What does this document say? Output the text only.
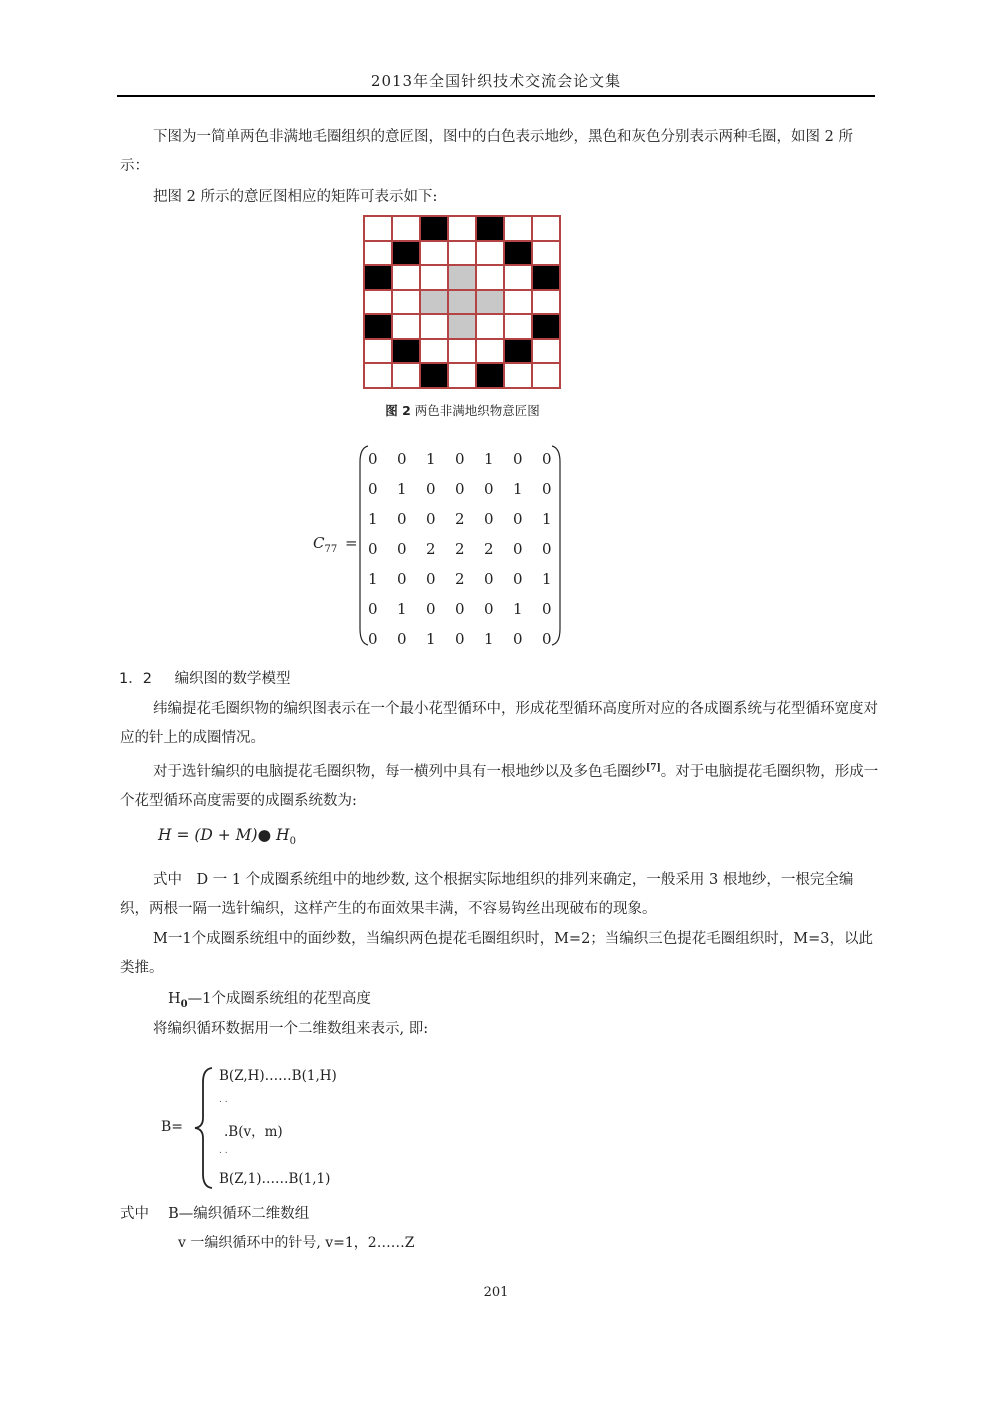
2013年全国针织技术交流会论文集
下图为一简单两色非满地毛圈组织的意匠图，图中的白色表示地纱，黑色和灰色分别表示两种毛圈，如图 2 所示：
把图 2 所示的意匠图相应的矩阵可表示如下:
图 2 两色非满地织物意匠图
$C_{77}$ =
0	0	1	0	1	0	0
0	1	0	0	0	1	0
1	0	0	2	0	0	1
0	0	2	2	2	0	0
1	0	0	2	0	0	1
0	1	0	0	0	1	0
0	0	1	0	1	0	0
1．2 编织图的数学模型
纬编提花毛圈织物的编织图表示在一个最小花型循环中，形成花型循环高度所对应的各成圈系统与花型循环宽度对应的针上的成圈情况。
对于选针编织的电脑提花毛圈织物，每一横列中具有一根地纱以及多色毛圈纱[7]。对于电脑提花毛圈织物，形成一个花型循环高度需要的成圈系统数为:
H = (D + M)● $H_0$
式中　D 一 1 个成圈系统组中的地纱数, 这个根据实际地组织的排列来确定，一般采用 3 根地纱，一根完全编织，两根一隔一选针编织，这样产生的布面效果丰满，不容易钩丝出现破布的现象。
M一1个成圈系统组中的面纱数，当编织两色提花毛圈组织时，M=2；当编织三色提花毛圈组织时，M=3，以此类推。
$H_0—1$个成圈系统组的花型高度
将编织循环数据用一个二维数组来表示, 即:
B=
B(Z,H)……B(1,H)
. .
.B(v，m)
. .
B(Z,1)……B(1,1)
式中　 B—编织循环二维数组
v 一编织循环中的针号, v=1，2……Z
201
